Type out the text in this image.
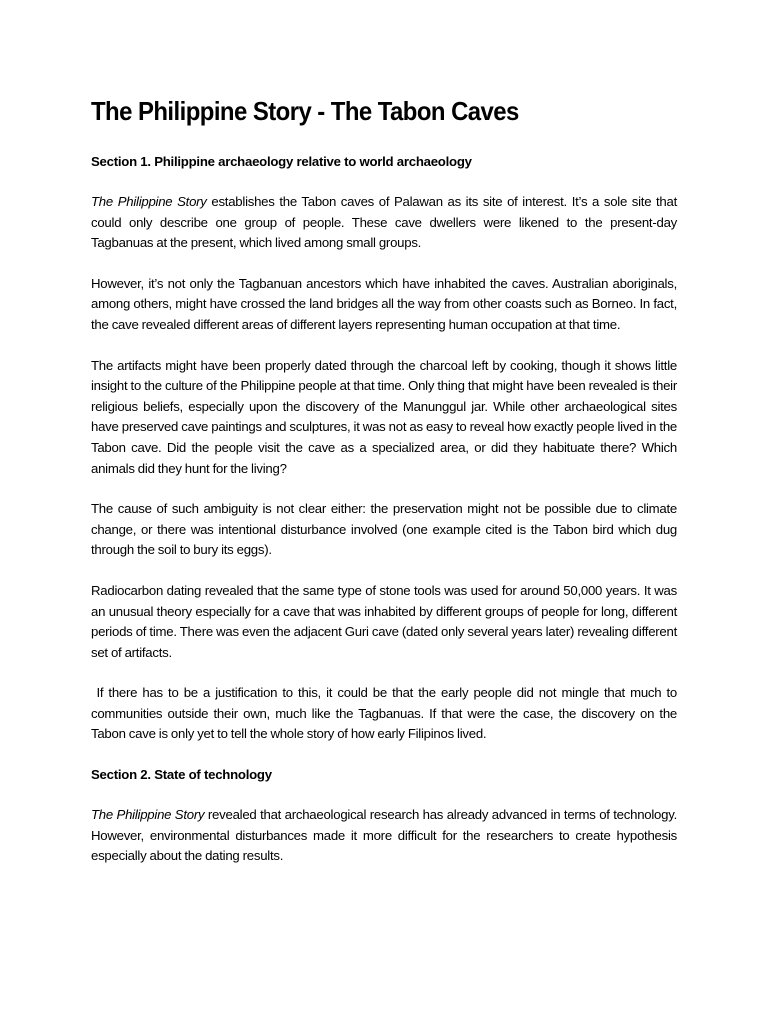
The Philippine Story - The Tabon Caves
Section 1. Philippine archaeology relative to world archaeology

The Philippine Story establishes the Tabon caves of Palawan as its site of interest. It’s a sole site that could only describe one group of people. These cave dwellers were likened to the present-day Tagbanuas at the present, which lived among small groups.

However, it’s not only the Tagbanuan ancestors which have inhabited the caves. Australian aboriginals, among others, might have crossed the land bridges all the way from other coasts such as Borneo. In fact, the cave revealed different areas of different layers representing human occupation at that time.

The artifacts might have been properly dated through the charcoal left by cooking, though it shows little insight to the culture of the Philippine people at that time. Only thing that might have been revealed is their religious beliefs, especially upon the discovery of the Manunggul jar. While other archaeological sites have preserved cave paintings and sculptures, it was not as easy to reveal how exactly people lived in the Tabon cave. Did the people visit the cave as a specialized area, or did they habituate there? Which animals did they hunt for the living?

The cause of such ambiguity is not clear either: the preservation might not be possible due to climate change, or there was intentional disturbance involved (one example cited is the Tabon bird which dug through the soil to bury its eggs).

Radiocarbon dating revealed that the same type of stone tools was used for around 50,000 years. It was an unusual theory especially for a cave that was inhabited by different groups of people for long, different periods of time. There was even the adjacent Guri cave (dated only several years later) revealing different set of artifacts.

If there has to be a justification to this, it could be that the early people did not mingle that much to communities outside their own, much like the Tagbanuas. If that were the case, the discovery on the Tabon cave is only yet to tell the whole story of how early Filipinos lived.

Section 2. State of technology

The Philippine Story revealed that archaeological research has already advanced in terms of technology. However, environmental disturbances made it more difficult for the researchers to create hypothesis especially about the dating results.
